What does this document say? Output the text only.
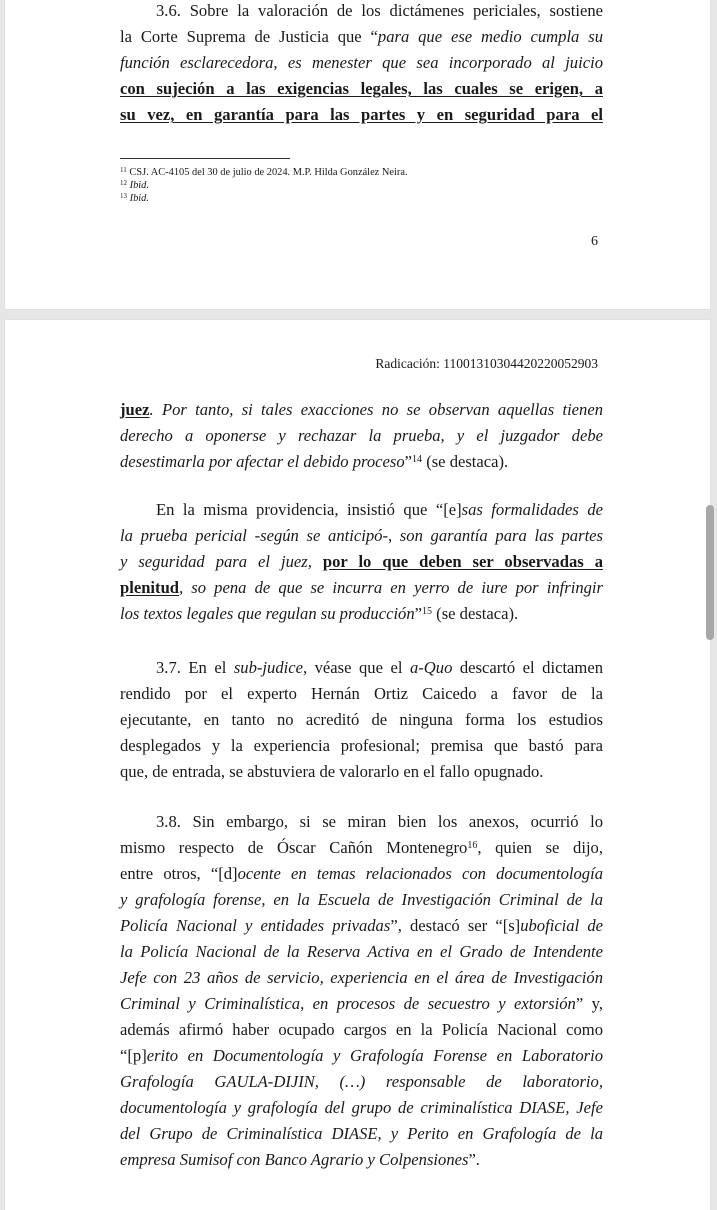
3.6. Sobre la valoración de los dictámenes periciales, sostiene
la Corte Suprema de Justicia que “para que ese medio cumpla su
función esclarecedora, es menester que sea incorporado al juicio
con sujeción a las exigencias legales, las cuales se erigen, a
su vez, en garantía para las partes y en seguridad para el
$^{11}$ CSJ. AC-4105 del 30 de julio de 2024. M.P. Hilda González Neira.
$^{12}$ Ibid.
$^{13}$ Ibid.
6
Radicación: 11001310304420220052903
juez. Por tanto, si tales exacciones no se observan aquellas tienen
derecho a oponerse y rechazar la prueba, y el juzgador debe
desestimarla por afectar el debido proceso”$^{14}$ (se destaca).
En la misma providencia, insistió que “[e]sas formalidades de
la prueba pericial -según se anticipó-, son garantía para las partes
y seguridad para el juez, por lo que deben ser observadas a
plenitud, so pena de que se incurra en yerro de iure por infringir
los textos legales que regulan su producción”$^{15}$ (se destaca).
3.7. En el sub-judice, véase que el a-Quo descartó el dictamen
rendido por el experto Hernán Ortiz Caicedo a favor de la
ejecutante, en tanto no acreditó de ninguna forma los estudios
desplegados y la experiencia profesional; premisa que bastó para
que, de entrada, se abstuviera de valorarlo en el fallo opugnado.
3.8. Sin embargo, si se miran bien los anexos, ocurrió lo
mismo respecto de Óscar Cañón Montenegro$^{16}$, quien se dijo,
entre otros, “[d]ocente en temas relacionados con documentología
y grafología forense, en la Escuela de Investigación Criminal de la
Policía Nacional y entidades privadas”, destacó ser “[s]uboficial de
la Policía Nacional de la Reserva Activa en el Grado de Intendente
Jefe con 23 años de servicio, experiencia en el área de Investigación
Criminal y Criminalística, en procesos de secuestro y extorsión” y,
además afirmó haber ocupado cargos en la Policía Nacional como
“[p]erito en Documentología y Grafología Forense en Laboratorio
Grafología GAULA-DIJIN, (…) responsable de laboratorio,
documentología y grafología del grupo de criminalística DIASE, Jefe
del Grupo de Criminalística DIASE, y Perito en Grafología de la
empresa Sumisof con Banco Agrario y Colpensiones”.
